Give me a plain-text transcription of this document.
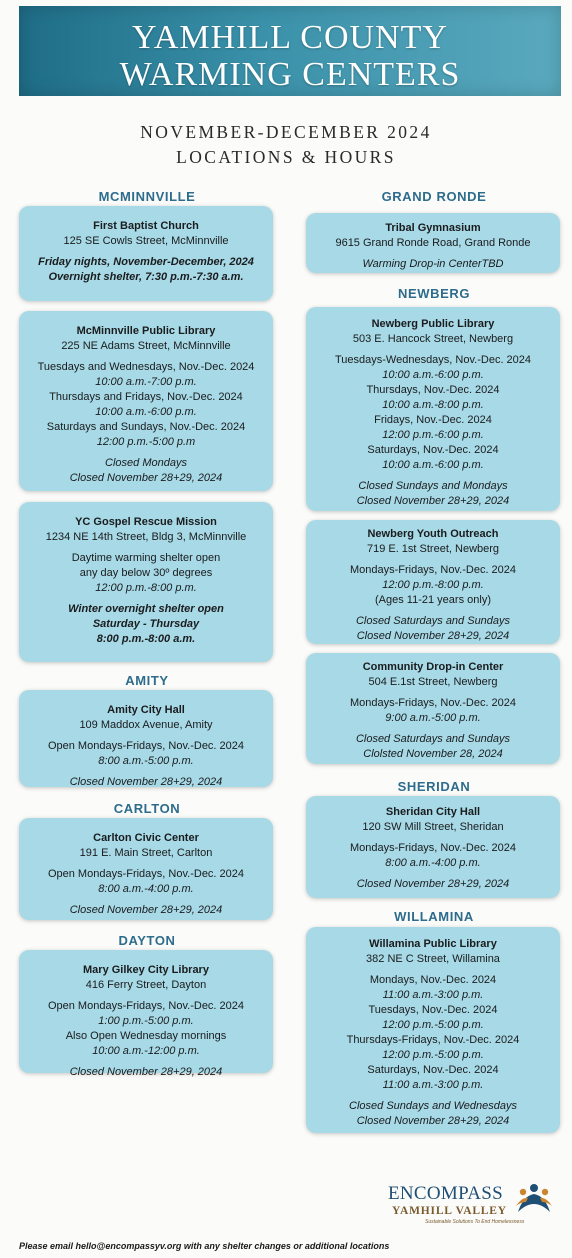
YAMHILL COUNTY
WARMING CENTERS
NOVEMBER-DECEMBER 2024
LOCATIONS & HOURS
MCMINNVILLE
First Baptist Church
125 SE Cowls Street, McMinnville
Friday nights, November-December, 2024
Overnight shelter, 7:30 p.m.-7:30 a.m.
McMinnville Public Library
225 NE Adams Street, McMinnville
Tuesdays and Wednesdays, Nov.-Dec. 2024
10:00 a.m.-7:00 p.m.
Thursdays and Fridays, Nov.-Dec. 2024
10:00 a.m.-6:00 p.m.
Saturdays and Sundays, Nov.-Dec. 2024
12:00 p.m.-5:00 p.m
Closed Mondays
Closed November 28+29, 2024
YC Gospel Rescue Mission
1234 NE 14th Street, Bldg 3, McMinnville
Daytime warming shelter open
any day below 30º degrees
12:00 p.m.-8:00 p.m.
Winter overnight shelter open
Saturday - Thursday
8:00 p.m.-8:00 a.m.
AMITY
Amity City Hall
109 Maddox Avenue, Amity
Open Mondays-Fridays, Nov.-Dec. 2024
8:00 a.m.-5:00 p.m.
Closed November 28+29, 2024
CARLTON
Carlton Civic Center
191 E. Main Street, Carlton
Open Mondays-Fridays, Nov.-Dec. 2024
8:00 a.m.-4:00 p.m.
Closed November 28+29, 2024
DAYTON
Mary Gilkey City Library
416 Ferry Street, Dayton
Open Mondays-Fridays, Nov.-Dec. 2024
1:00 p.m.-5:00 p.m.
Also Open Wednesday mornings
10:00 a.m.-12:00 p.m.
Closed November 28+29, 2024
GRAND RONDE
Tribal Gymnasium
9615 Grand Ronde Road, Grand Ronde
Warming Drop-in CenterTBD
NEWBERG
Newberg Public Library
503 E. Hancock Street, Newberg
Tuesdays-Wednesdays, Nov.-Dec. 2024
10:00 a.m.-6:00 p.m.
Thursdays, Nov.-Dec. 2024
10:00 a.m.-8:00 p.m.
Fridays, Nov.-Dec. 2024
12:00 p.m.-6:00 p.m.
Saturdays, Nov.-Dec. 2024
10:00 a.m.-6:00 p.m.
Closed Sundays and Mondays
Closed November 28+29, 2024
Newberg Youth Outreach
719 E. 1st Street, Newberg
Mondays-Fridays, Nov.-Dec. 2024
12:00 p.m.-8:00 p.m.
(Ages 11-21 years only)
Closed Saturdays and Sundays
Closed November 28+29, 2024
Community Drop-in Center
504 E.1st Street, Newberg
Mondays-Fridays, Nov.-Dec. 2024
9:00 a.m.-5:00 p.m.
Closed Saturdays and Sundays
Clolsted November 28, 2024
SHERIDAN
Sheridan City Hall
120 SW Mill Street, Sheridan
Mondays-Fridays, Nov.-Dec. 2024
8:00 a.m.-4:00 p.m.
Closed November 28+29, 2024
WILLAMINA
Willamina Public Library
382 NE C Street, Willamina
Mondays, Nov.-Dec. 2024
11:00 a.m.-3:00 p.m.
Tuesdays, Nov.-Dec. 2024
12:00 p.m.-5:00 p.m.
Thursdays-Fridays, Nov.-Dec. 2024
12:00 p.m.-5:00 p.m.
Saturdays, Nov.-Dec. 2024
11:00 a.m.-3:00 p.m.
Closed Sundays and Wednesdays
Closed November 28+29, 2024
ENCOMPASS
YAMHILL VALLEY
Sustainable Solutions To End Homelessness
Please email hello@encompassyv.org with any shelter changes or additional locations
